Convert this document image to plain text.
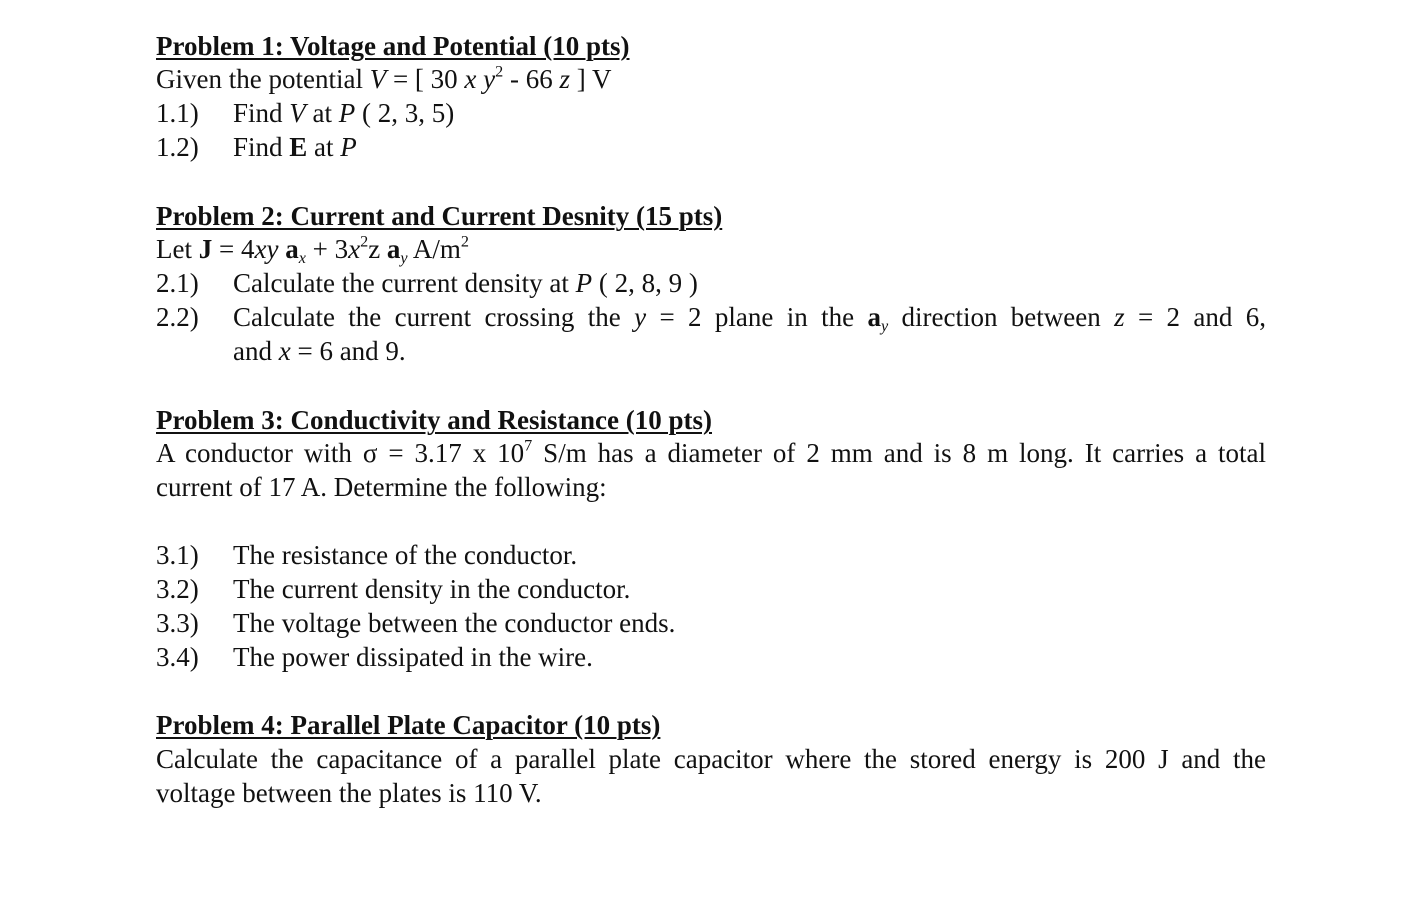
Problem 1: Voltage and Potential (10 pts)
Given the potential V = [ 30 x $y^2 - 66$ z ] V
1.1) Find V at P ( 2, 3, 5)
1.2) Find E at P
Problem 2: Current and Current Desnity (15 pts)
Let J = 4xy $a_x + 3x^2z$ $a_y$ $A/m^2$
2.1) Calculate the current density at P ( 2, 8, 9 )
2.2) Calculate the current crossing the y = 2 plane in the $a_y$ direction between z = 2 and 6,
and x = 6 and 9.
Problem 3: Conductivity and Resistance (10 pts)
A conductor with σ = 3.17 x $10^7$ S/m has a diameter of 2 mm and is 8 m long. It carries a total
current of 17 A. Determine the following:
3.1) The resistance of the conductor.
3.2) The current density in the conductor.
3.3) The voltage between the conductor ends.
3.4) The power dissipated in the wire.
Problem 4: Parallel Plate Capacitor (10 pts)
Calculate the capacitance of a parallel plate capacitor where the stored energy is 200 J and the
voltage between the plates is 110 V.
